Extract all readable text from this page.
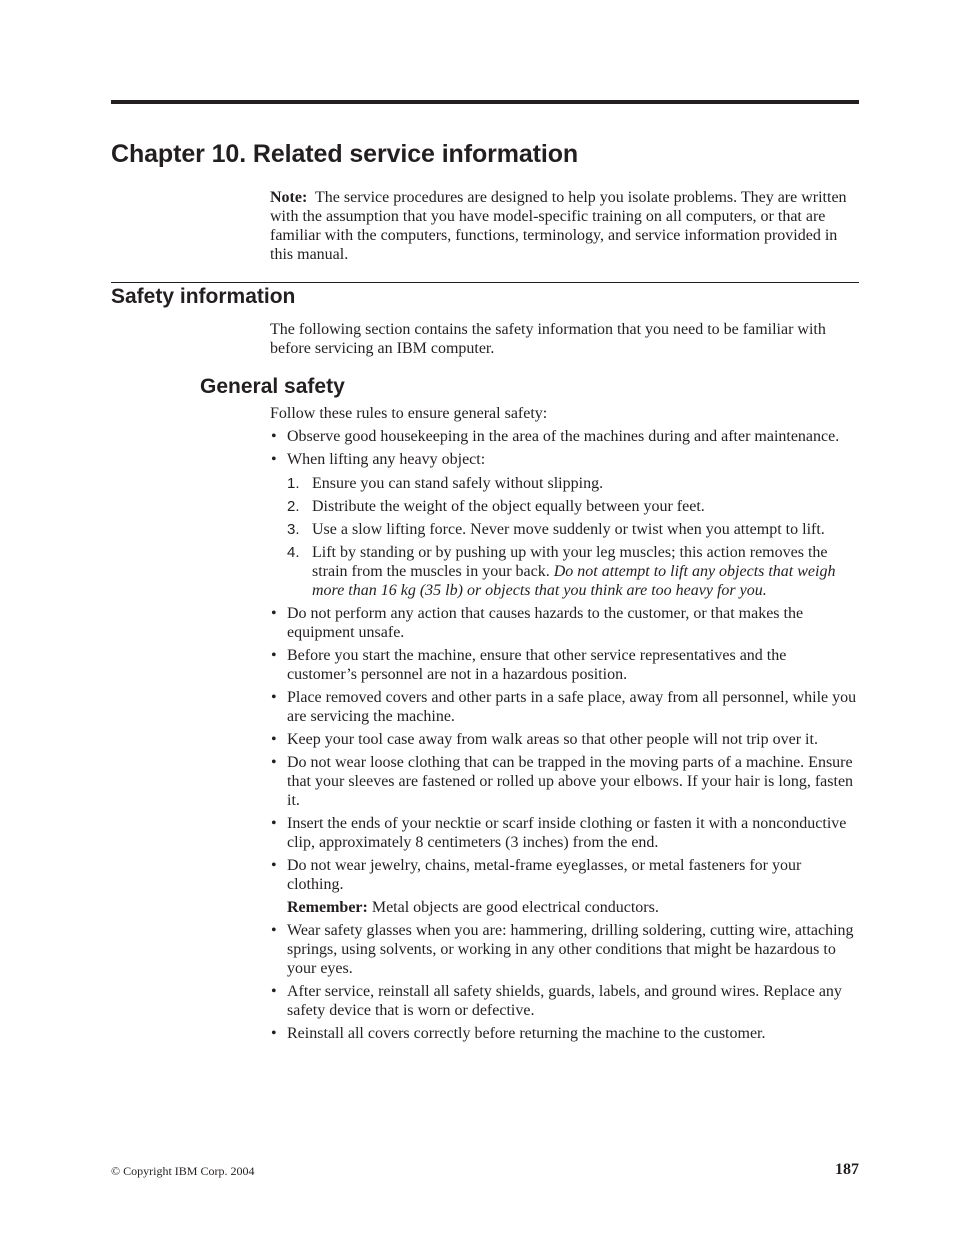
Chapter 10. Related service information
Note: The service procedures are designed to help you isolate problems. They are written with the assumption that you have model-specific training on all computers, or that are familiar with the computers, functions, terminology, and service information provided in this manual.
Safety information
The following section contains the safety information that you need to be familiar with before servicing an IBM computer.
General safety
Follow these rules to ensure general safety:
• Observe good housekeeping in the area of the machines during and after maintenance.
• When lifting any heavy object:
1. Ensure you can stand safely without slipping.
2. Distribute the weight of the object equally between your feet.
3. Use a slow lifting force. Never move suddenly or twist when you attempt to lift.
4. Lift by standing or by pushing up with your leg muscles; this action removes the strain from the muscles in your back. Do not attempt to lift any objects that weigh more than 16 kg (35 lb) or objects that you think are too heavy for you.
• Do not perform any action that causes hazards to the customer, or that makes the equipment unsafe.
• Before you start the machine, ensure that other service representatives and the customer’s personnel are not in a hazardous position.
• Place removed covers and other parts in a safe place, away from all personnel, while you are servicing the machine.
• Keep your tool case away from walk areas so that other people will not trip over it.
• Do not wear loose clothing that can be trapped in the moving parts of a machine. Ensure that your sleeves are fastened or rolled up above your elbows. If your hair is long, fasten it.
• Insert the ends of your necktie or scarf inside clothing or fasten it with a nonconductive clip, approximately 8 centimeters (3 inches) from the end.
• Do not wear jewelry, chains, metal-frame eyeglasses, or metal fasteners for your clothing.
Remember: Metal objects are good electrical conductors.
• Wear safety glasses when you are: hammering, drilling soldering, cutting wire, attaching springs, using solvents, or working in any other conditions that might be hazardous to your eyes.
• After service, reinstall all safety shields, guards, labels, and ground wires. Replace any safety device that is worn or defective.
• Reinstall all covers correctly before returning the machine to the customer.
© Copyright IBM Corp. 2004	187
